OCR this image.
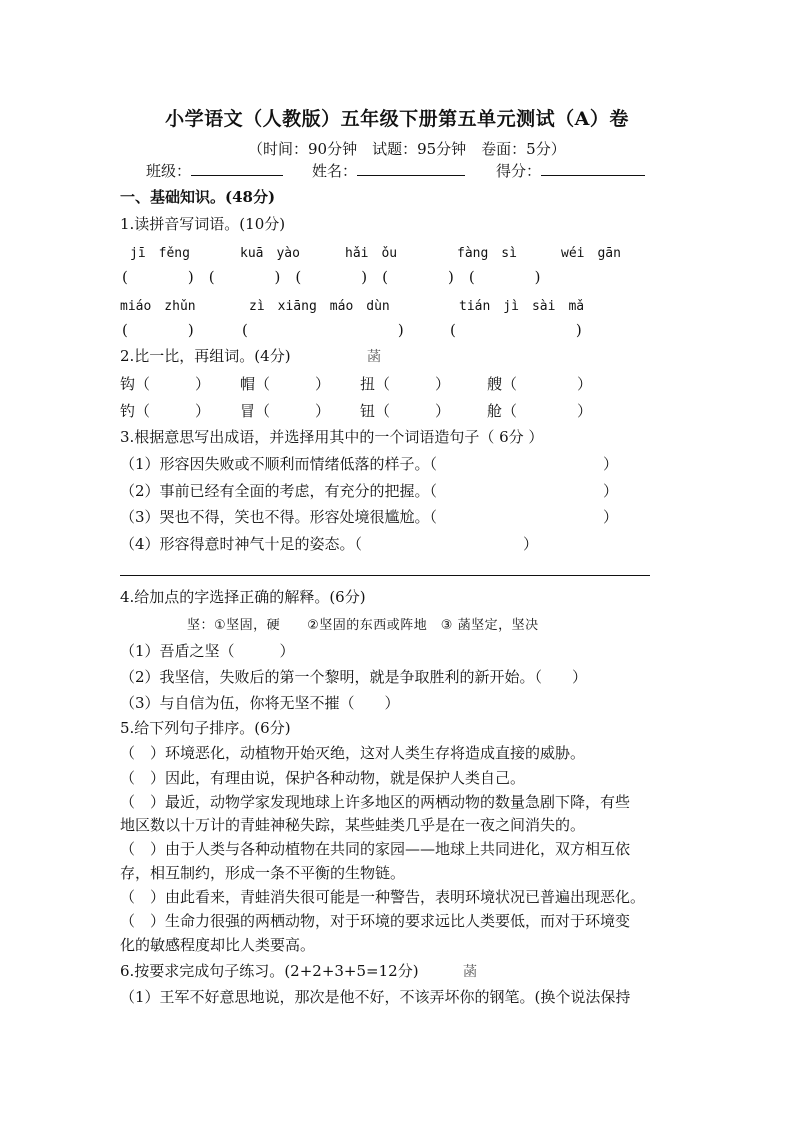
小学语文（人教版）五年级下册第五单元测试（A）卷
（时间：90分钟　试题：95分钟　卷面：5分）
班级：	姓名：	得分：
一、基础知识。(48分)
1.读拼音写词语。(10分)
jī　fěng	kuā　yào	hǎi　ǒu	fàng　sì	wéi　gān
(　　　　)　(　　　　)　(　　　　)　(　　　　)　(　　　　)
miáo　zhǔn	zì　xiāng　máo　dùn	tián　jì　sài　mǎ
(　　　　)	(　　　　　　　　　　)	(　　　　　　　　)
2.比一比，再组词。(4分)	菡
钩（　　　） 帽（　　　） 扭（　　　） 艘（　　　　）
钓（　　　） 冒（　　　） 钮（　　　） 舱（　　　　）
3.根据意思写出成语，并选择用其中的一个词语造句子（ 6分 ）
（1）形容因失败或不顺利而情绪低落的样子。（	）
（2）事前已经有全面的考虑，有充分的把握。（	）
（3）哭也不得，笑也不得。形容处境很尴尬。（	）
（4）形容得意时神气十足的姿态。（	）
4.给加点的字选择正确的解释。(6分)
坚：①坚固，硬　　②坚固的东西或阵地　③ 菡坚定，坚决
（1）吾盾之坚（　　　）
（2）我坚信，失败后的第一个黎明，就是争取胜利的新开始。（　　）
（3）与自信为伍，你将无坚不摧（　　）
5.给下列句子排序。(6分)
（　）环境恶化，动植物开始灭绝，这对人类生存将造成直接的威胁。
（　）因此，有理由说，保护各种动物，就是保护人类自己。
（　）最近，动物学家发现地球上许多地区的两栖动物的数量急剧下降，有些
地区数以十万计的青蛙神秘失踪，某些蛙类几乎是在一夜之间消失的。
（　）由于人类与各种动植物在共同的家园——地球上共同进化，双方相互依
存，相互制约，形成一条不平衡的生物链。
（　）由此看来，青蛙消失很可能是一种警告，表明环境状况已普遍出现恶化。
（　）生命力很强的两栖动物，对于环境的要求远比人类要低，而对于环境变
化的敏感程度却比人类要高。
6.按要求完成句子练习。(2+2+3+5=12分)	菡
（1）王军不好意思地说，那次是他不好，不该弄坏你的钢笔。(换个说法保持
